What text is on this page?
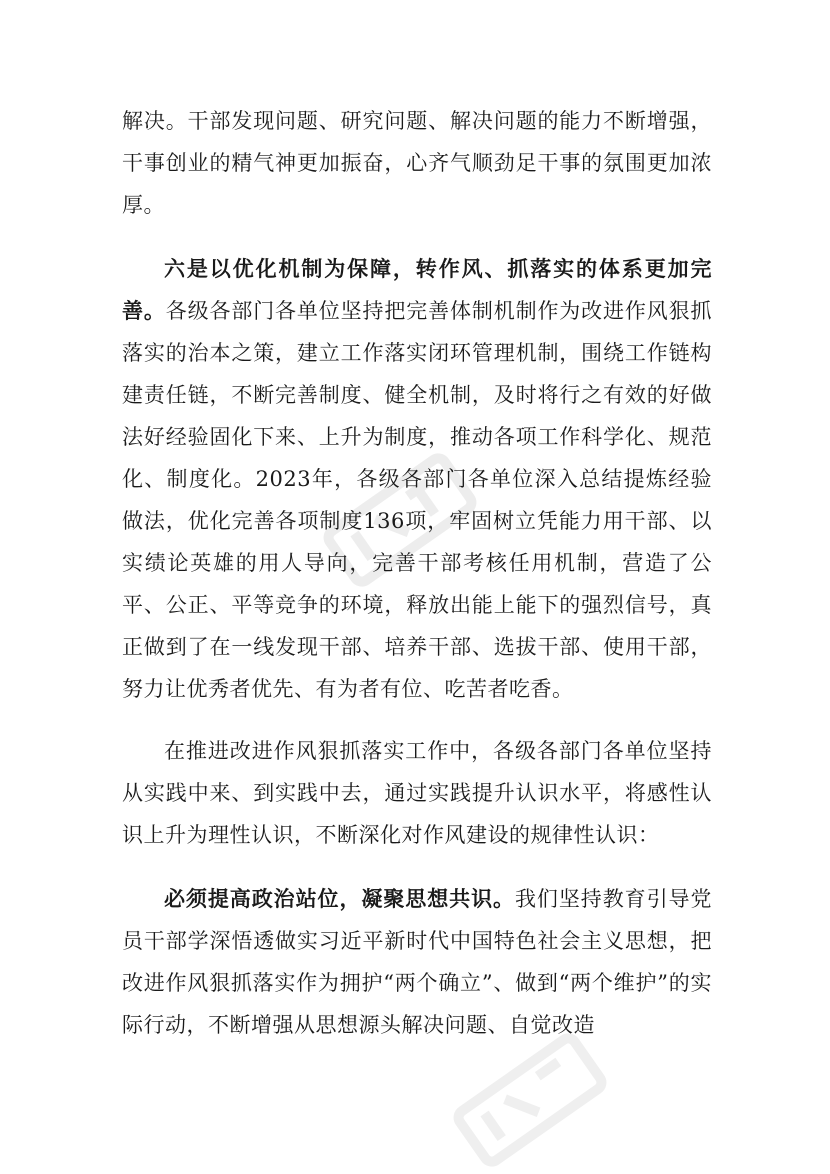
解决。干部发现问题、研究问题、解决问题的能力不断增强，干事创业的精气神更加振奋，心齐气顺劲足干事的氛围更加浓厚。

六是以优化机制为保障，转作风、抓落实的体系更加完善。各级各部门各单位坚持把完善体制机制作为改进作风狠抓落实的治本之策，建立工作落实闭环管理机制，围绕工作链构建责任链，不断完善制度、健全机制，及时将行之有效的好做法好经验固化下来、上升为制度，推动各项工作科学化、规范化、制度化。2023年，各级各部门各单位深入总结提炼经验做法，优化完善各项制度136项，牢固树立凭能力用干部、以实绩论英雄的用人导向，完善干部考核任用机制，营造了公平、公正、平等竞争的环境，释放出能上能下的强烈信号，真正做到了在一线发现干部、培养干部、选拔干部、使用干部，努力让优秀者优先、有为者有位、吃苦者吃香。

在推进改进作风狠抓落实工作中，各级各部门各单位坚持从实践中来、到实践中去，通过实践提升认识水平，将感性认识上升为理性认识，不断深化对作风建设的规律性认识：

必须提高政治站位，凝聚思想共识。我们坚持教育引导党员干部学深悟透做实习近平新时代中国特色社会主义思想，把改进作风狠抓落实作为拥护“两个确立”、做到“两个维护”的实际行动，不断增强从思想源头解决问题、自觉改造
